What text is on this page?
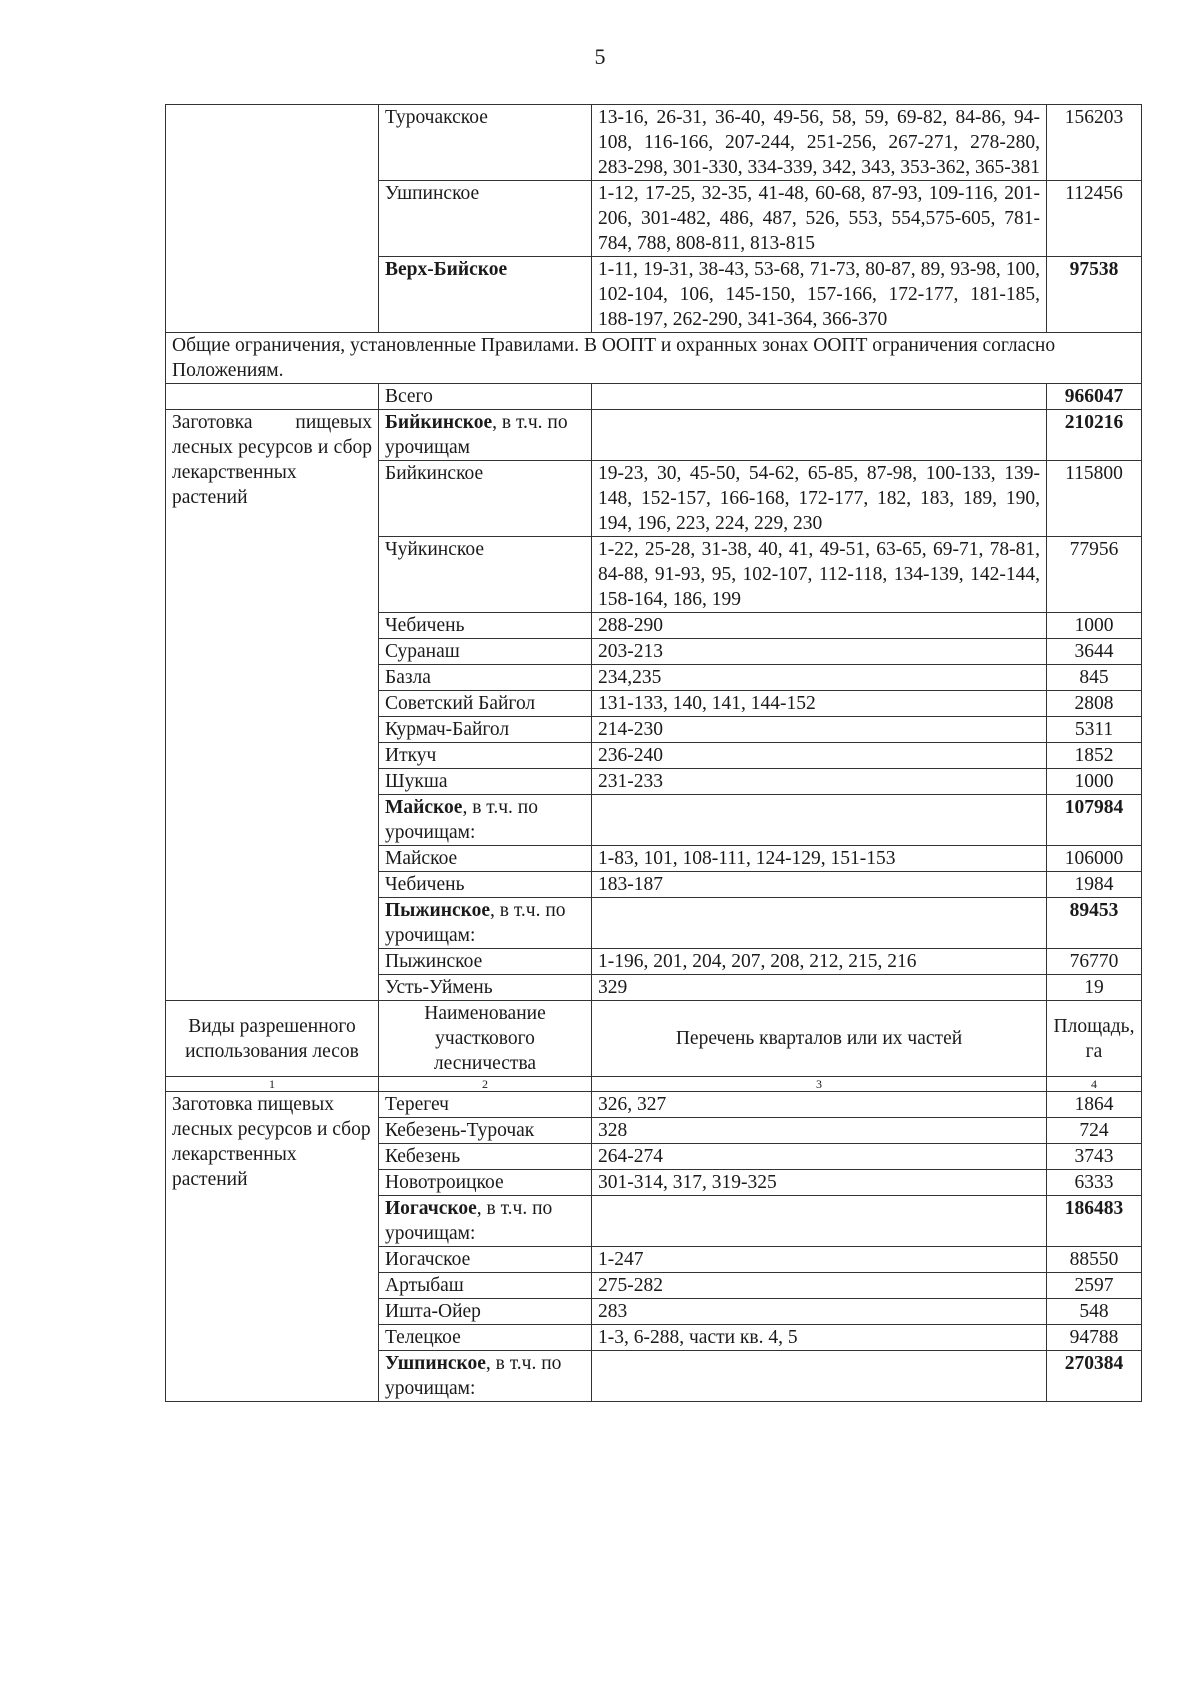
5
	Турочакское	13-16, 26-31, 36-40, 49-56, 58, 59, 69-82, 84-86, 94-108, 116-166, 207-244, 251-256, 267-271, 278-280, 283-298, 301-330, 334-339, 342, 343, 353-362, 365-381	156203
	Ушпинское	1-12, 17-25, 32-35, 41-48, 60-68, 87-93, 109-116, 201-206, 301-482, 486, 487, 526, 553, 554,575-605, 781-784, 788, 808-811, 813-815	112456
	Верх-Бийское	1-11, 19-31, 38-43, 53-68, 71-73, 80-87, 89, 93-98, 100, 102-104, 106, 145-150, 157-166, 172-177, 181-185, 188-197, 262-290, 341-364, 366-370	97538
Общие ограничения, установленные Правилами. В ООПТ и охранных зонах ООПТ ограничения согласно Положениям.			
	Всего		966047
Заготовка пищевых лесных ресурсов и сбор лекарственных растений	Бийкинское, в т.ч. по урочищам		210216
	Бийкинское	19-23, 30, 45-50, 54-62, 65-85, 87-98, 100-133, 139-148, 152-157, 166-168, 172-177, 182, 183, 189, 190, 194, 196, 223, 224, 229, 230	115800
	Чуйкинское	1-22, 25-28, 31-38, 40, 41, 49-51, 63-65, 69-71, 78-81, 84-88, 91-93, 95, 102-107, 112-118, 134-139, 142-144, 158-164, 186, 199	77956
	Чебичень	288-290	1000
	Суранаш	203-213	3644
	Базла	234,235	845
	Советский Байгол	131-133, 140, 141, 144-152	2808
	Курмач-Байгол	214-230	5311
	Иткуч	236-240	1852
	Шукша	231-233	1000
	Майское, в т.ч. по урочищам:		107984
	Майское	1-83, 101, 108-111, 124-129, 151-153	106000
	Чебичень	183-187	1984
	Пыжинское, в т.ч. по урочищам:		89453
	Пыжинское	1-196, 201, 204, 207, 208, 212, 215, 216	76770
	Усть-Уймень	329	19
Виды разрешенного использования лесов	Наименование участкового лесничества	Перечень кварталов или их частей	Площадь, га
1	2	3	4
Заготовка пищевых лесных ресурсов и сбор лекарственных растений	Терегеч	326, 327	1864
	Кебезень-Турочак	328	724
	Кебезень	264-274	3743
	Новотроицкое	301-314, 317, 319-325	6333
	Иогачское, в т.ч. по урочищам:		186483
	Иогачское	1-247	88550
	Артыбаш	275-282	2597
	Ишта-Ойер	283	548
	Телецкое	1-3, 6-288, части кв. 4, 5	94788
	Ушпинское, в т.ч. по урочищам:		270384
